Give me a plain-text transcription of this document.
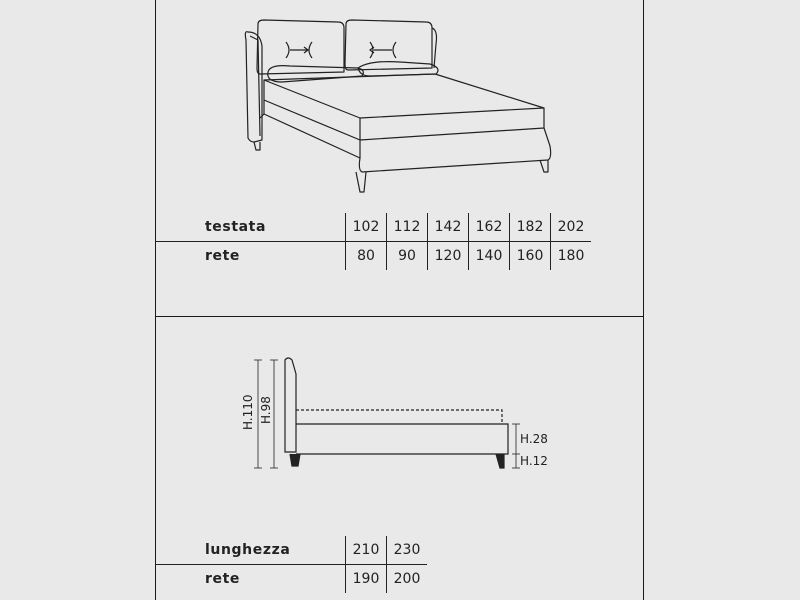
testata	102	112	142	162	182	202
rete	80	90	120	140	160	180
H.110 H.98
H.28
H.12
lunghezza	210	230
rete	190	200
